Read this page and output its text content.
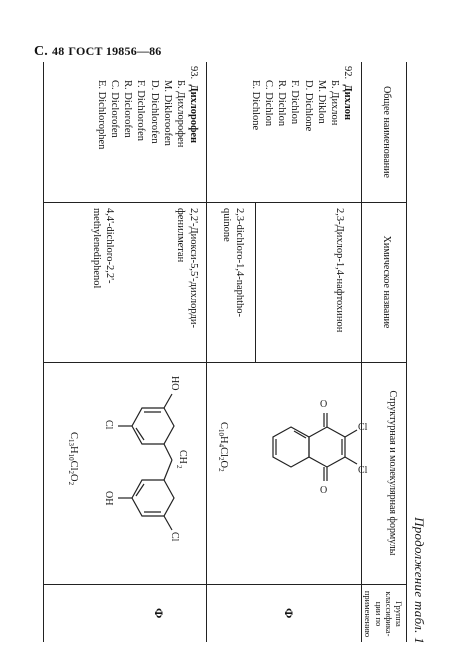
С. 48 ГОСТ 19856—86
Продолжение табл. 1
Общее наименование
Химическое название
Структурная и молекулярная формулы
Группа классифика-ции по применению
92.  Дихлон
Б. Дихлон
М. Diklon
D. Dichlone
F. Dichlon
R. Dichlon
C. Dichlon
E. Dichlone
2,3-Дихлор-1,4-нафтохинон
2,3-dichloro-1,4-naphtho-quinone
O
O
Cl
Cl
$C_{10}H_4Cl_2O_2$
Ф
93.  Дихлорофен
Б. Дихлорофен
М. Dikloroofen
D. Dichlorofen
F. Dichlorofen
R. Diclorofen
C. Diclorofen
E. Dichlorophen
2,2'-Диокси-5,5'-дихлорди-фенилметан
4,4'-dichloro-2,2'-methylenediphenol
HO
CH
2
Cl
Cl
OH
$C_{13}H_{10}Cl_2O_2$
Ф
